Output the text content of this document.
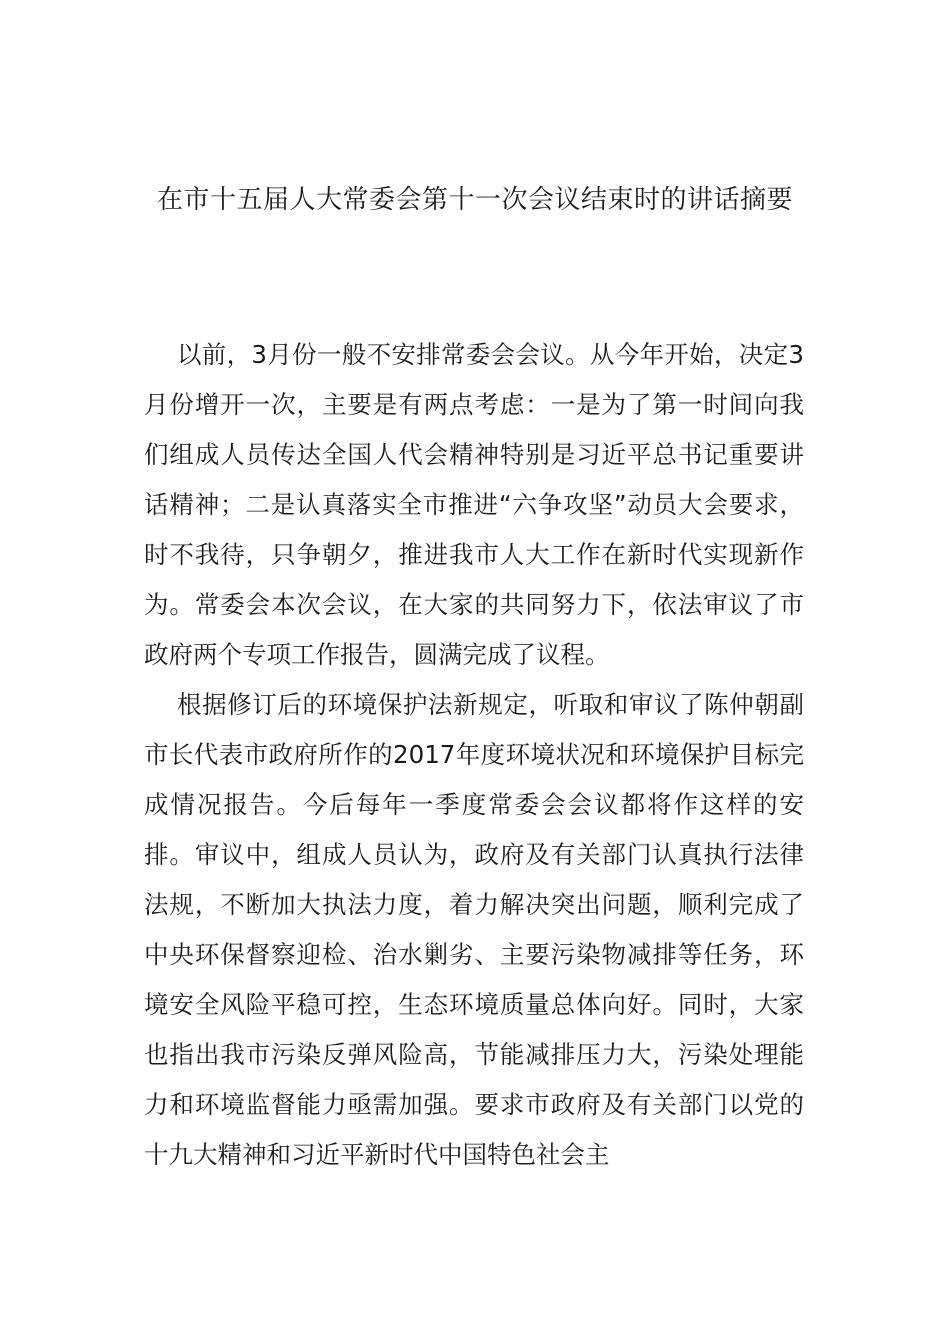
在市十五届人大常委会第十一次会议结束时的讲话摘要

以前，3月份一般不安排常委会会议。从今年开始，决定3月份增开一次，主要是有两点考虑：一是为了第一时间向我们组成人员传达全国人代会精神特别是习近平总书记重要讲话精神；二是认真落实全市推进“六争攻坚”动员大会要求，时不我待，只争朝夕，推进我市人大工作在新时代实现新作为。常委会本次会议，在大家的共同努力下，依法审议了市政府两个专项工作报告，圆满完成了议程。

根据修订后的环境保护法新规定，听取和审议了陈仲朝副市长代表市政府所作的2017年度环境状况和环境保护目标完成情况报告。今后每年一季度常委会会议都将作这样的安排。审议中，组成人员认为，政府及有关部门认真执行法律法规，不断加大执法力度，着力解决突出问题，顺利完成了中央环保督察迎检、治水剿劣、主要污染物减排等任务，环境安全风险平稳可控，生态环境质量总体向好。同时，大家也指出我市污染反弹风险高，节能减排压力大，污染处理能力和环境监督能力亟需加强。要求市政府及有关部门以党的十九大精神和习近平新时代中国特色社会主
